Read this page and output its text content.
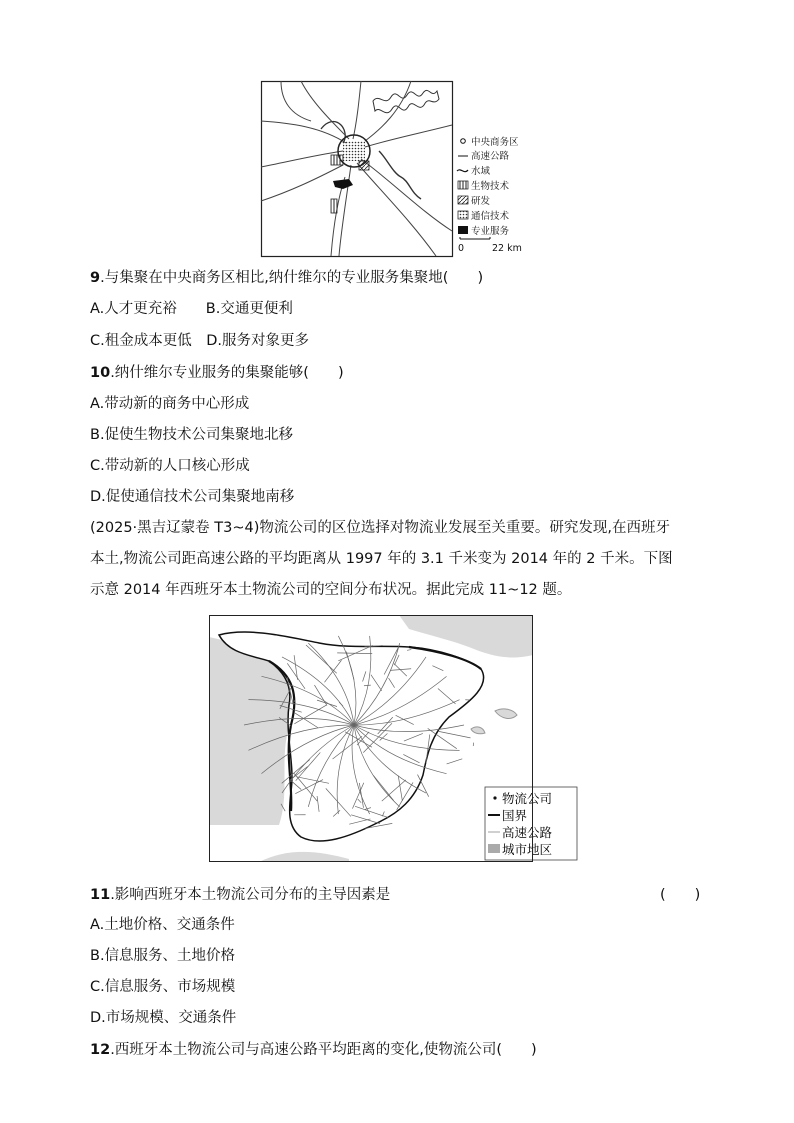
中央商务区
高速公路
水域
生物技术
研发
通信技术
专业服务
0	22 km
9.与集聚在中央商务区相比,纳什维尔的专业服务集聚地(　　)
A.人才更充裕　　B.交通更便利
C.租金成本更低　D.服务对象更多
10.纳什维尔专业服务的集聚能够(　　)
A.带动新的商务中心形成
B.促使生物技术公司集聚地北移
C.带动新的人口核心形成
D.促使通信技术公司集聚地南移
(2025·黑吉辽蒙卷 T3~4)物流公司的区位选择对物流业发展至关重要。研究发现,在西班牙
本土,物流公司距高速公路的平均距离从 1997 年的 3.1 千米变为 2014 年的 2 千米。下图
示意 2014 年西班牙本土物流公司的空间分布状况。据此完成 11~12 题。
物流公司
国界
高速公路
城市地区
11.影响西班牙本土物流公司分布的主导因素是	(　　)
A.土地价格、交通条件
B.信息服务、土地价格
C.信息服务、市场规模
D.市场规模、交通条件
12.西班牙本土物流公司与高速公路平均距离的变化,使物流公司(　　)
